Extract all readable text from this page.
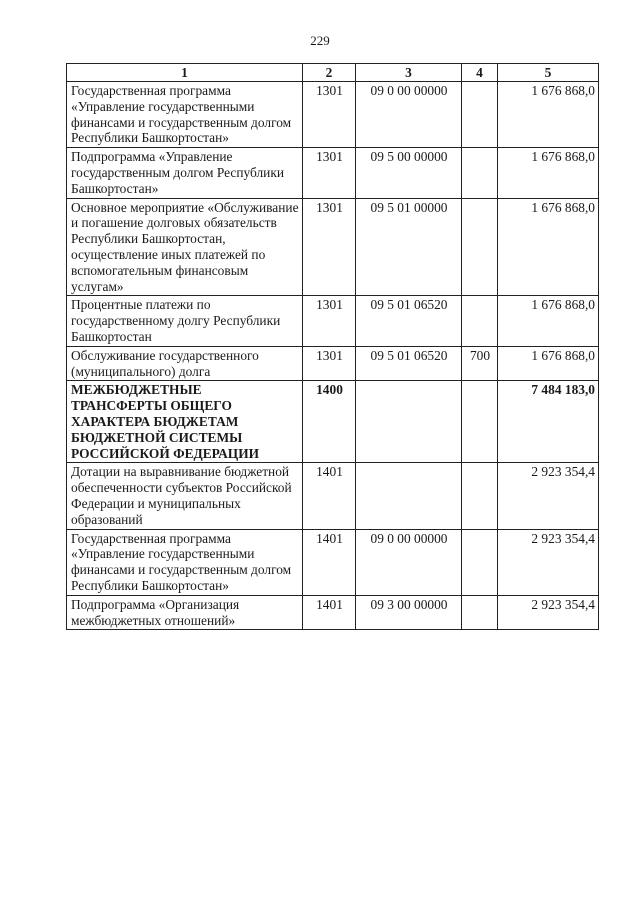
229
1	2	3	4	5
Государственная программа «Управление государственными финансами и государственным долгом Республики Башкортостан»	1301	09 0 00 00000		1 676 868,0
Подпрограмма «Управление государственным долгом Республики Башкортостан»	1301	09 5 00 00000		1 676 868,0
Основное мероприятие «Обслуживание и погашение долговых обязательств Республики Башкортостан, осуществление иных платежей по вспомогательным финансовым услугам»	1301	09 5 01 00000		1 676 868,0
Процентные платежи по государственному долгу Республики Башкортостан	1301	09 5 01 06520		1 676 868,0
Обслуживание государственного (муниципального) долга	1301	09 5 01 06520	700	1 676 868,0
МЕЖБЮДЖЕТНЫЕ ТРАНСФЕРТЫ ОБЩЕГО ХАРАКТЕРА БЮДЖЕТАМ БЮДЖЕТНОЙ СИСТЕМЫ РОССИЙСКОЙ ФЕДЕРАЦИИ	1400			7 484 183,0
Дотации на выравнивание бюджетной обеспеченности субъектов Российской Федерации и муниципальных образований	1401			2 923 354,4
Государственная программа «Управление государственными финансами и государственным долгом Республики Башкортостан»	1401	09 0 00 00000		2 923 354,4
Подпрограмма «Организация межбюджетных отношений»	1401	09 3 00 00000		2 923 354,4
